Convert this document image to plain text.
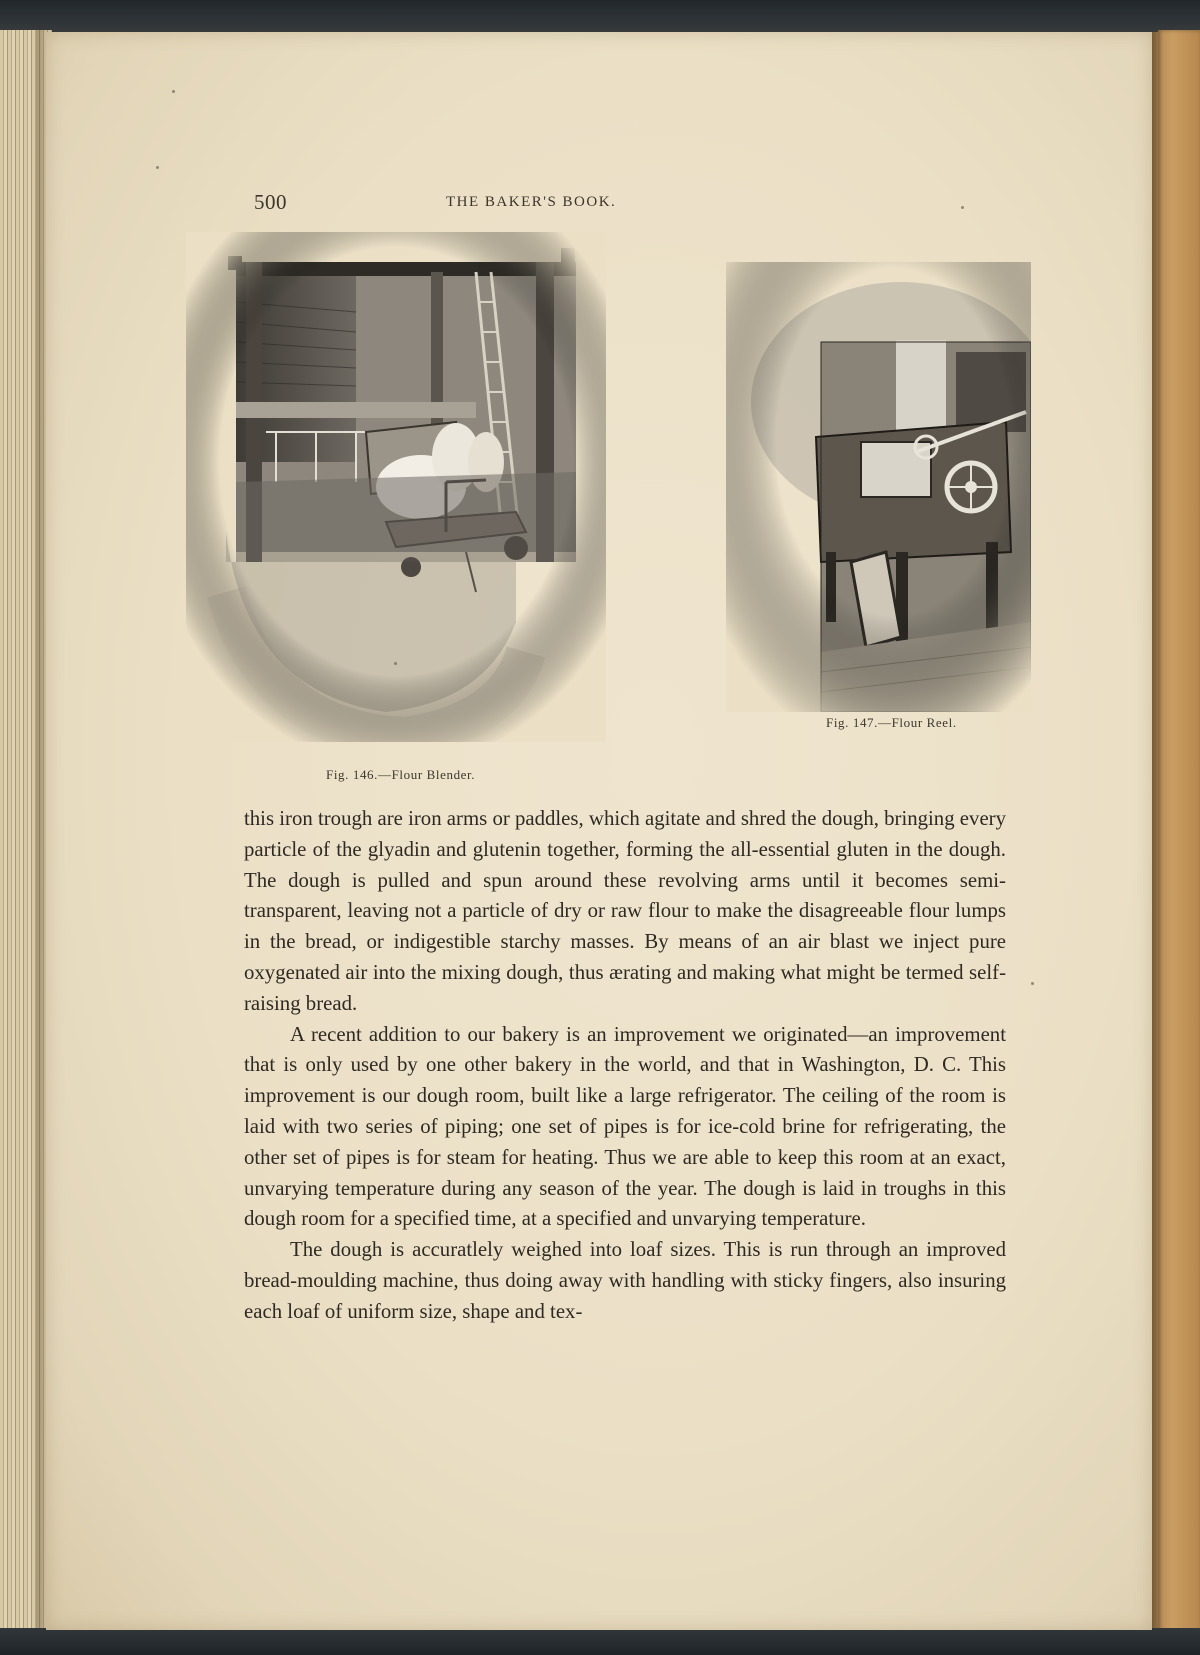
500	THE BAKER'S BOOK.
Fig. 146.—Flour Blender.
Fig. 147.—Flour Reel.

this iron trough are iron arms or paddles, which agitate and shred the dough, bringing every particle of the glyadin and glutenin together, forming the all-essential gluten in the dough. The dough is pulled and spun around these revolving arms until it becomes semi-transparent, leaving not a particle of dry or raw flour to make the disagreeable flour lumps in the bread, or indigestible starchy masses. By means of an air blast we inject pure oxygenated air into the mixing dough, thus ærating and making what might be termed self-raising bread.

A recent addition to our bakery is an improvement we originated—an improvement that is only used by one other bakery in the world, and that in Washington, D. C. This improvement is our dough room, built like a large refrigerator. The ceiling of the room is laid with two series of piping; one set of pipes is for ice-cold brine for refrigerating, the other set of pipes is for steam for heating. Thus we are able to keep this room at an exact, unvarying temperature during any season of the year. The dough is laid in troughs in this dough room for a specified time, at a specified and unvarying temperature.

The dough is accuratlely weighed into loaf sizes. This is run through an improved bread-moulding machine, thus doing away with handling with sticky fingers, also insuring each loaf of uniform size, shape and tex-
